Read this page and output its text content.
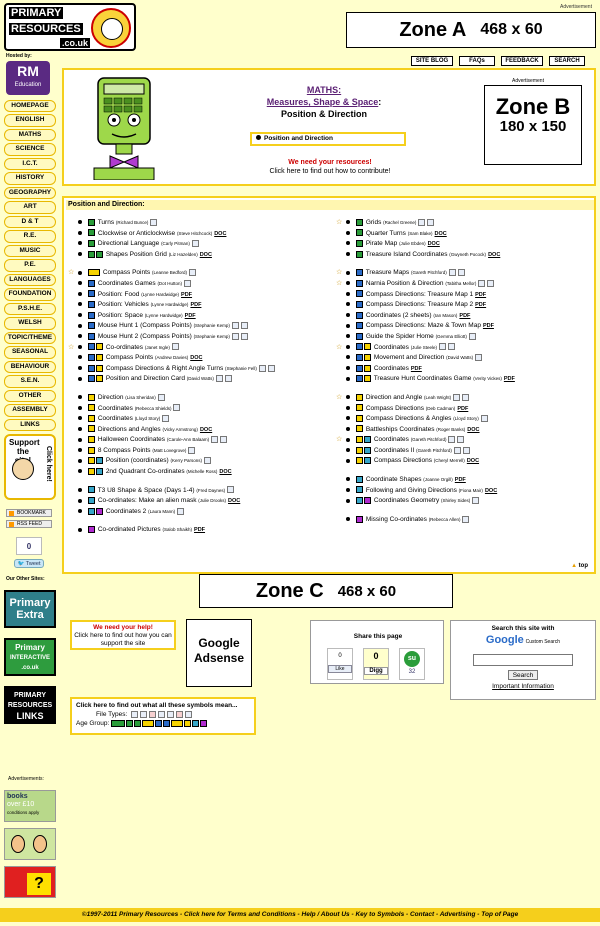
PRIMARY
RESOURCES
.co.uk
Advertisement
Zone A 468 x 60
Hosted by:
RM
Education
HOMEPAGE
ENGLISH
MATHS
SCIENCE
I.C.T.
HISTORY
GEOGRAPHY
ART
D & T
R.E.
MUSIC
P.E.
LANGUAGES
FOUNDATION
P.S.H.E.
WELSH
TOPIC/THEME
SEASONAL
BEHAVIOUR
S.E.N.
OTHER
ASSEMBLY
LINKS
Support the	Click here!
BOOKMARK
RSS FEED
0
🐦 Tweet
Our Other Sites:
Primary
Extra
Primary
INTERACTIVE
.co.uk
PRIMARY
RESOURCES
LINKS
Advertisements:
books
over £10
conditions apply
?
SITE BLOG	FAQs	FEEDBACK	SEARCH
MATHS:
Measures, Shape & Space:
Position & Direction
Position and Direction
We need your resources!
Click here to find out how to contribute!
Advertisement
Zone B
180 x 150
Position and Direction:
Turns (Richard Bunce)
Clockwise or Anticlockwise (Steve Hitchcock) DOC
Directional Language (Carly Pitman)
Shapes Position Grid (Liz Hazelden) DOC
☆	Compass Points (Leanne Bedford)
Coordinates Games (Dot Hutton)
Position: Food (Lynne Hardwidge) PDF
Position: Vehicles (Lynne Hardwidge) PDF
Position: Space (Lynne Hardwidge) PDF
Mouse Hunt 1 (Compass Points) (Stephanie Kemp)
Mouse Hunt 2 (Compass Points) (Stephanie Kemp)
☆	Co-ordinates (Janet Ingle)
Compass Points (Andrew Davies) DOC
Compass Directions & Right Angle Turns (Stephanie Fell)
Position and Direction Card (David Watts)
Direction (Lisa Sheridan)
Coordinates (Rebecca Shields)
Coordinates (Lloyd Story)
Directions and Angles (Vicky Armstrong) DOC
Halloween Coordinates (Carole-Ann Balaam)
8 Compass Points (Matt Lovegrove)
Position (coordinates) (Kerry Parsons)
2nd Quadrant Co-ordinates (Michelle Ross) DOC
T3 U8 Shape & Space (Days 1-4) (Fred Daynes)
Co-ordinates: Make an alien mask (Julie Drooks) DOC
Coordinates 2 (Laura Mann)
Co-ordinated Pictures (Salob Shaikh) PDF
☆	Grids (Rachel Greene)
Quarter Turns (Sam Blake) DOC
Pirate Map (Julie Ebden) DOC
Treasure Island Coordinates (Gwyneth Pocock) DOC
☆	Treasure Maps (Gareth Pitchford)
☆	Narnia Position & Direction (Tabitha Mellor)
Compass Directions: Treasure Map 1 PDF
Compass Directions: Treasure Map 2 PDF
Coordinates (2 sheets) (Ian Mason) PDF
Compass Directions: Maze & Town Map PDF
Guide the Spider Home (Gemma Elliott)
☆	Coordinates (Julie Steele)
Movement and Direction (David Watts)
Coordinates PDF
Treasure Hunt Coordinates Game (Verity Vickes) PDF
☆	Direction and Angle (Leah Wright)
Compass Directions (Deb Cadman) PDF
Compass Directions & Angles (Lloyd Story)
Battleships Coordinates (Roger Banks) DOC
☆	Coordinates (Gareth Pitchford)
Coordinates II (Gareth Pitchford)
Compass Directions (Cheryl Merrell) DOC
Coordinate Shapes (Joanne Orgill) PDF
Following and Giving Directions (Fiona Mair) DOC
Coordinates Geometry (Shirley Sides)
Missing Co-ordinates (Rebecca Allen)
▲ top
Zone C 468 x 60
We need your help!
Click here to find out how you can support the site	Google Adsense
Share this page
0
Like
0
Digg
su
32
Search this site with
Google Custom Search
Search
Important Information
Click here to find out what all these symbols mean...
File Types:
Age Group:
©1997-2011 Primary Resources - Click here for Terms and Conditions - Help / About Us - Key to Symbols - Contact - Advertising - Top of Page
